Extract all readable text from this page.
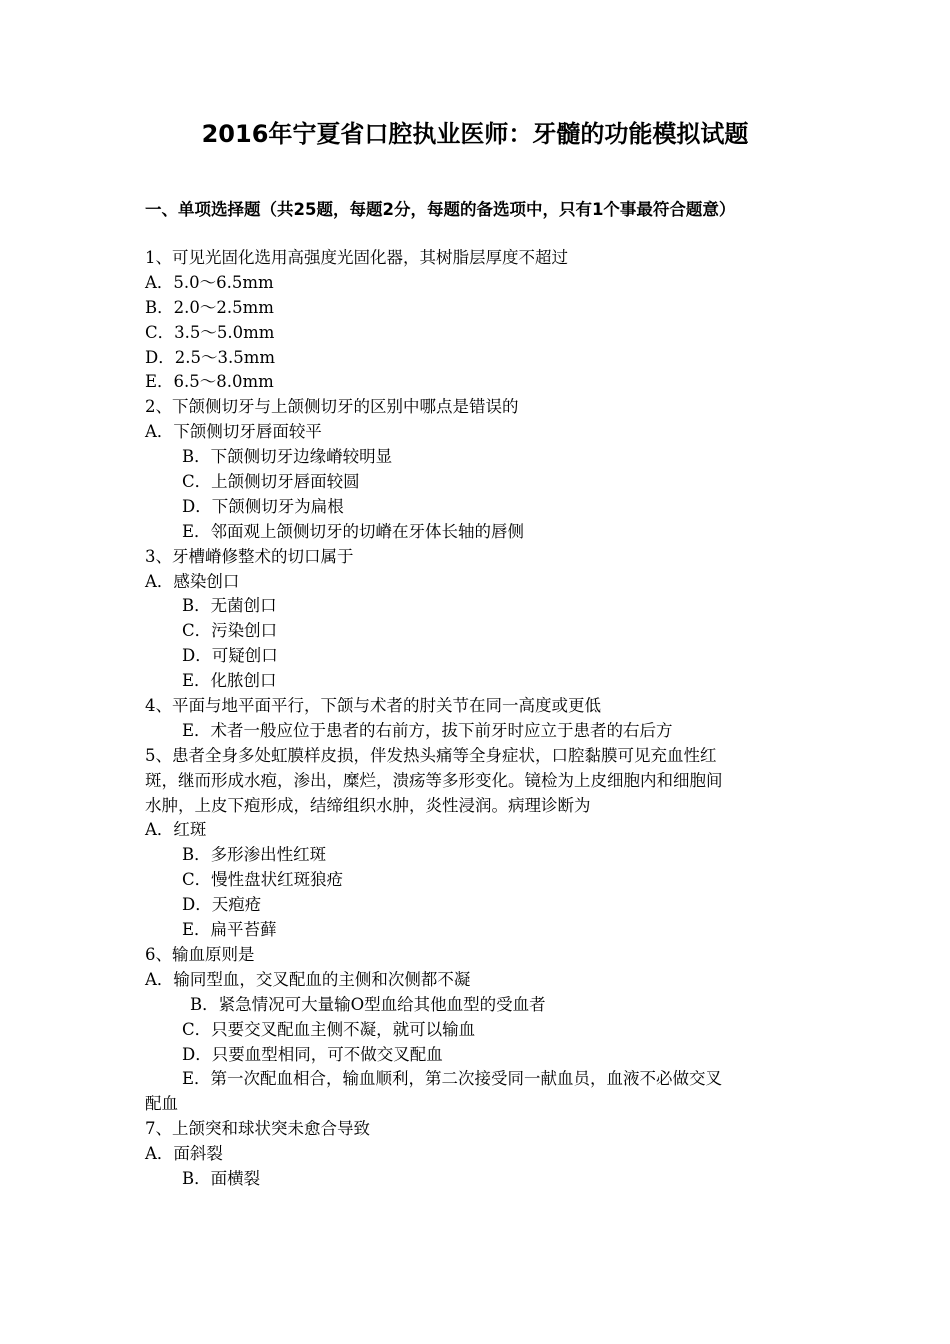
2016年宁夏省口腔执业医师：牙髓的功能模拟试题
一、单项选择题（共25题，每题2分，每题的备选项中，只有1个事最符合题意）
1、可见光固化选用高强度光固化器，其树脂层厚度不超过
A．5.0～6.5mm
B．2.0～2.5mm
C．3.5～5.0mm
D．2.5～3.5mm
E．6.5～8.0mm
2、下颌侧切牙与上颌侧切牙的区别中哪点是错误的
A．下颌侧切牙唇面较平
B．下颌侧切牙边缘嵴较明显
C．上颌侧切牙唇面较圆
D．下颌侧切牙为扁根
E．邻面观上颌侧切牙的切嵴在牙体长轴的唇侧
3、牙槽嵴修整术的切口属于
A．感染创口
B．无菌创口
C．污染创口
D．可疑创口
E．化脓创口
4、平面与地平面平行，下颌与术者的肘关节在同一高度或更低
E．术者一般应位于患者的右前方，拔下前牙时应立于患者的右后方
5、患者全身多处虹膜样皮损，伴发热头痛等全身症状，口腔黏膜可见充血性红
斑，继而形成水疱，渗出，糜烂，溃疡等多形变化。镜检为上皮细胞内和细胞间
水肿，上皮下疱形成，结缔组织水肿，炎性浸润。病理诊断为
A．红斑
B．多形渗出性红斑
C．慢性盘状红斑狼疮
D．天疱疮
E．扁平苔藓
6、输血原则是
A．输同型血，交叉配血的主侧和次侧都不凝
B．紧急情况可大量输O型血给其他血型的受血者
C．只要交叉配血主侧不凝，就可以输血
D．只要血型相同，可不做交叉配血
E．第一次配血相合，输血顺利，第二次接受同一献血员，血液不必做交叉
配血
7、上颌突和球状突未愈合导致
A．面斜裂
B．面横裂
